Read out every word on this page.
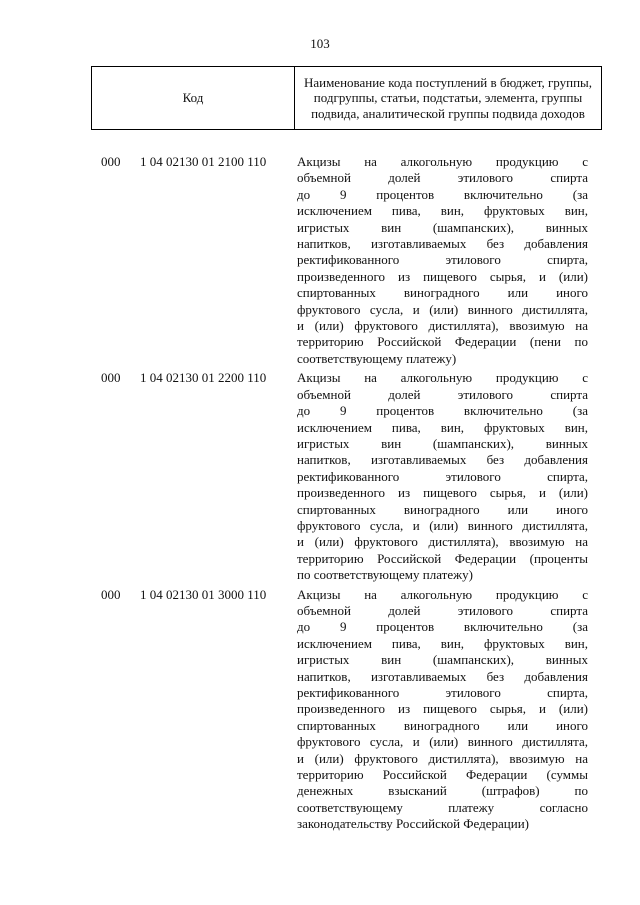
103
Код	Наименование кода поступлений в бюджет, группы, подгруппы, статьи, подстатьи, элемента, группы подвида, аналитической группы подвида доходов
000 1 04 02130 01 2100 110 Акцизы на алкогольную продукцию с
объемной долей этилового спирта
до 9 процентов включительно (за
исключением пива, вин, фруктовых вин,
игристых вин (шампанских), винных
напитков, изготавливаемых без добавления
ректификованного этилового спирта,
произведенного из пищевого сырья, и (или)
спиртованных виноградного или иного
фруктового сусла, и (или) винного дистиллята,
и (или) фруктового дистиллята), ввозимую на
территорию Российской Федерации (пени по
соответствующему платежу)
000 1 04 02130 01 2200 110 Акцизы на алкогольную продукцию с
объемной долей этилового спирта
до 9 процентов включительно (за
исключением пива, вин, фруктовых вин,
игристых вин (шампанских), винных
напитков, изготавливаемых без добавления
ректификованного этилового спирта,
произведенного из пищевого сырья, и (или)
спиртованных виноградного или иного
фруктового сусла, и (или) винного дистиллята,
и (или) фруктового дистиллята), ввозимую на
территорию Российской Федерации (проценты
по соответствующему платежу)
000 1 04 02130 01 3000 110 Акцизы на алкогольную продукцию с
объемной долей этилового спирта
до 9 процентов включительно (за
исключением пива, вин, фруктовых вин,
игристых вин (шампанских), винных
напитков, изготавливаемых без добавления
ректификованного этилового спирта,
произведенного из пищевого сырья, и (или)
спиртованных виноградного или иного
фруктового сусла, и (или) винного дистиллята,
и (или) фруктового дистиллята), ввозимую на
территорию Российской Федерации (суммы
денежных взысканий (штрафов) по
соответствующему платежу согласно
законодательству Российской Федерации)
